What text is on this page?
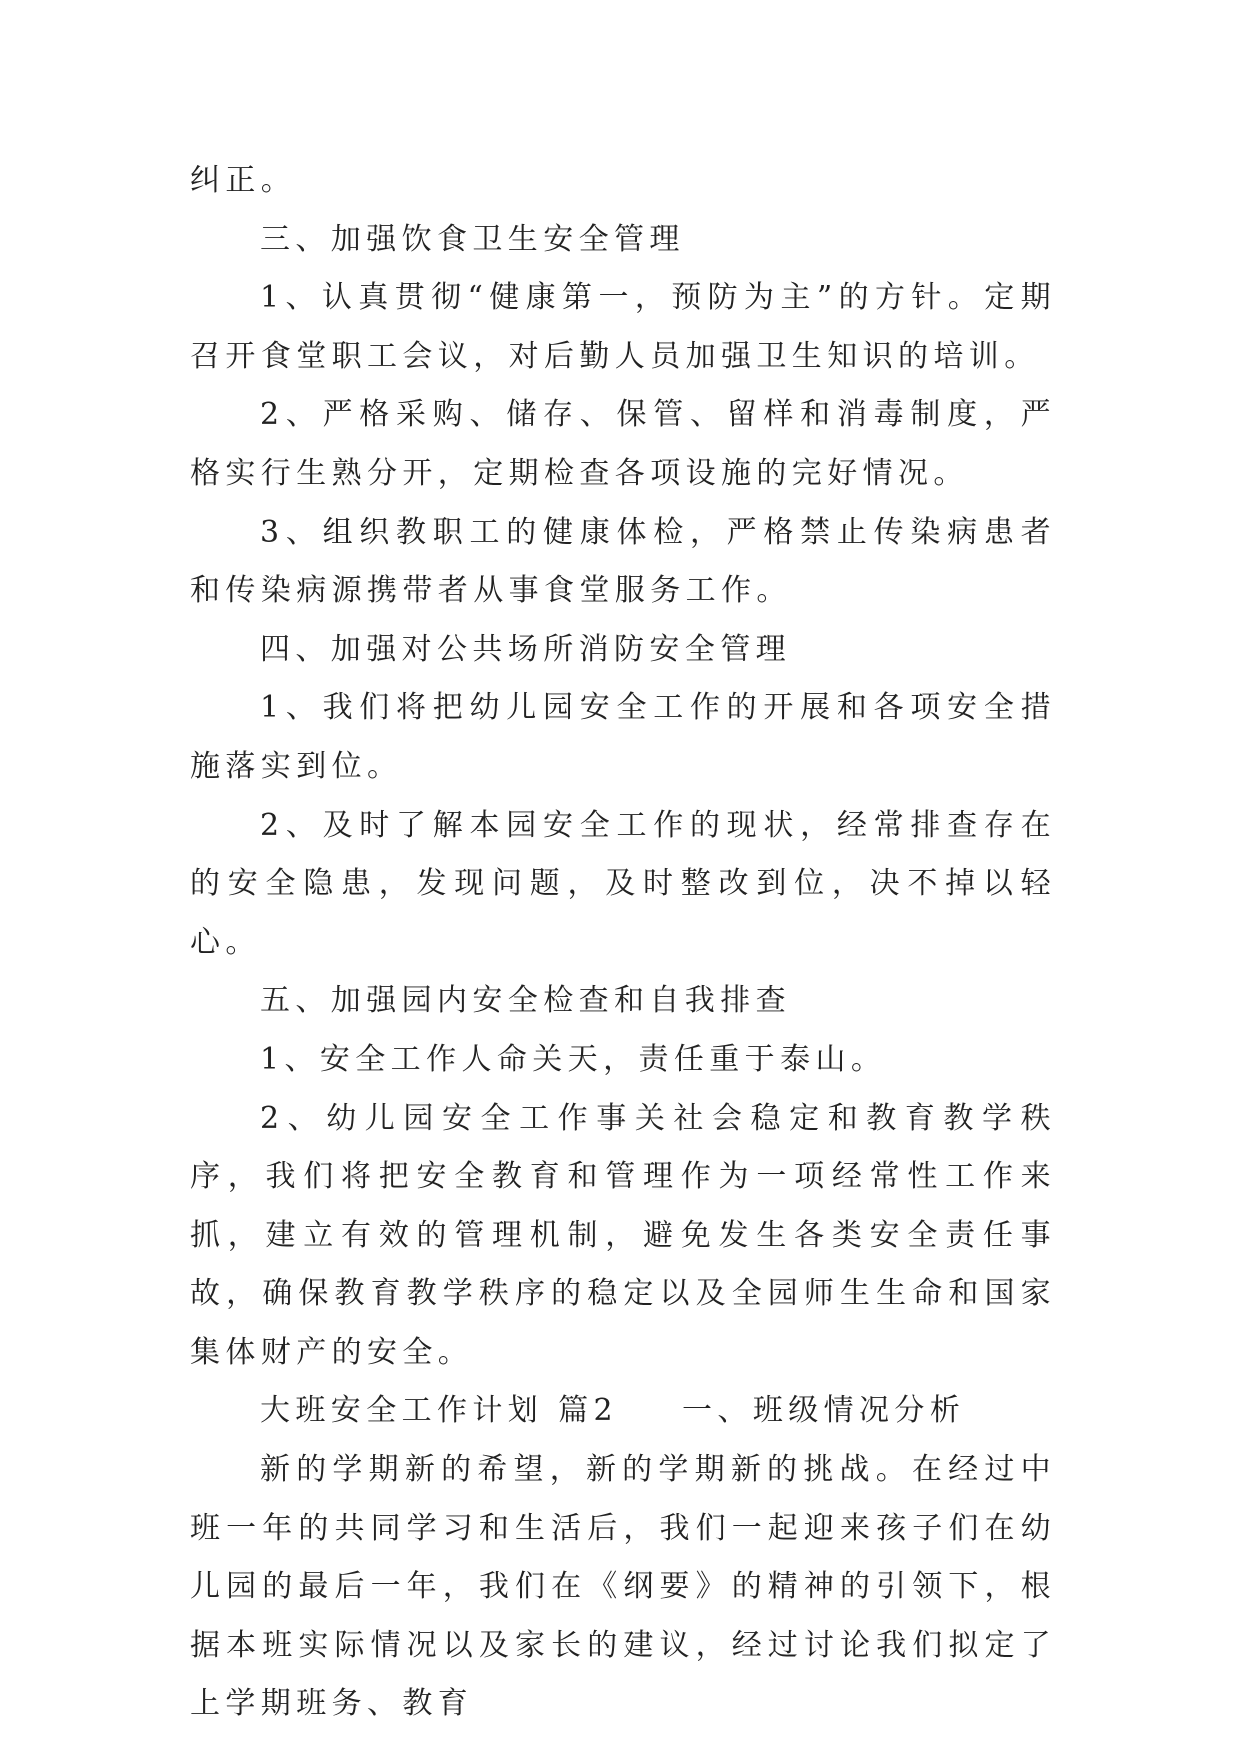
纠正。

三、加强饮食卫生安全管理

1、认真贯彻“健康第一，预防为主”的方针。定期召开食堂职工会议，对后勤人员加强卫生知识的培训。

2、严格采购、储存、保管、留样和消毒制度，严格实行生熟分开，定期检查各项设施的完好情况。

3、组织教职工的健康体检，严格禁止传染病患者和传染病源携带者从事食堂服务工作。

四、加强对公共场所消防安全管理

1、我们将把幼儿园安全工作的开展和各项安全措施落实到位。

2、及时了解本园安全工作的现状，经常排查存在的安全隐患，发现问题，及时整改到位，决不掉以轻心。

五、加强园内安全检查和自我排查

1、安全工作人命关天，责任重于泰山。

2、幼儿园安全工作事关社会稳定和教育教学秩序，我们将把安全教育和管理作为一项经常性工作来抓，建立有效的管理机制，避免发生各类安全责任事故，确保教育教学秩序的稳定以及全园师生生命和国家集体财产的安全。

大班安全工作计划 篇2 一、班级情况分析

新的学期新的希望，新的学期新的挑战。在经过中班一年的共同学习和生活后，我们一起迎来孩子们在幼儿园的最后一年，我们在《纲要》的精神的引领下，根据本班实际情况以及家长的建议，经过讨论我们拟定了上学期班务、教育
